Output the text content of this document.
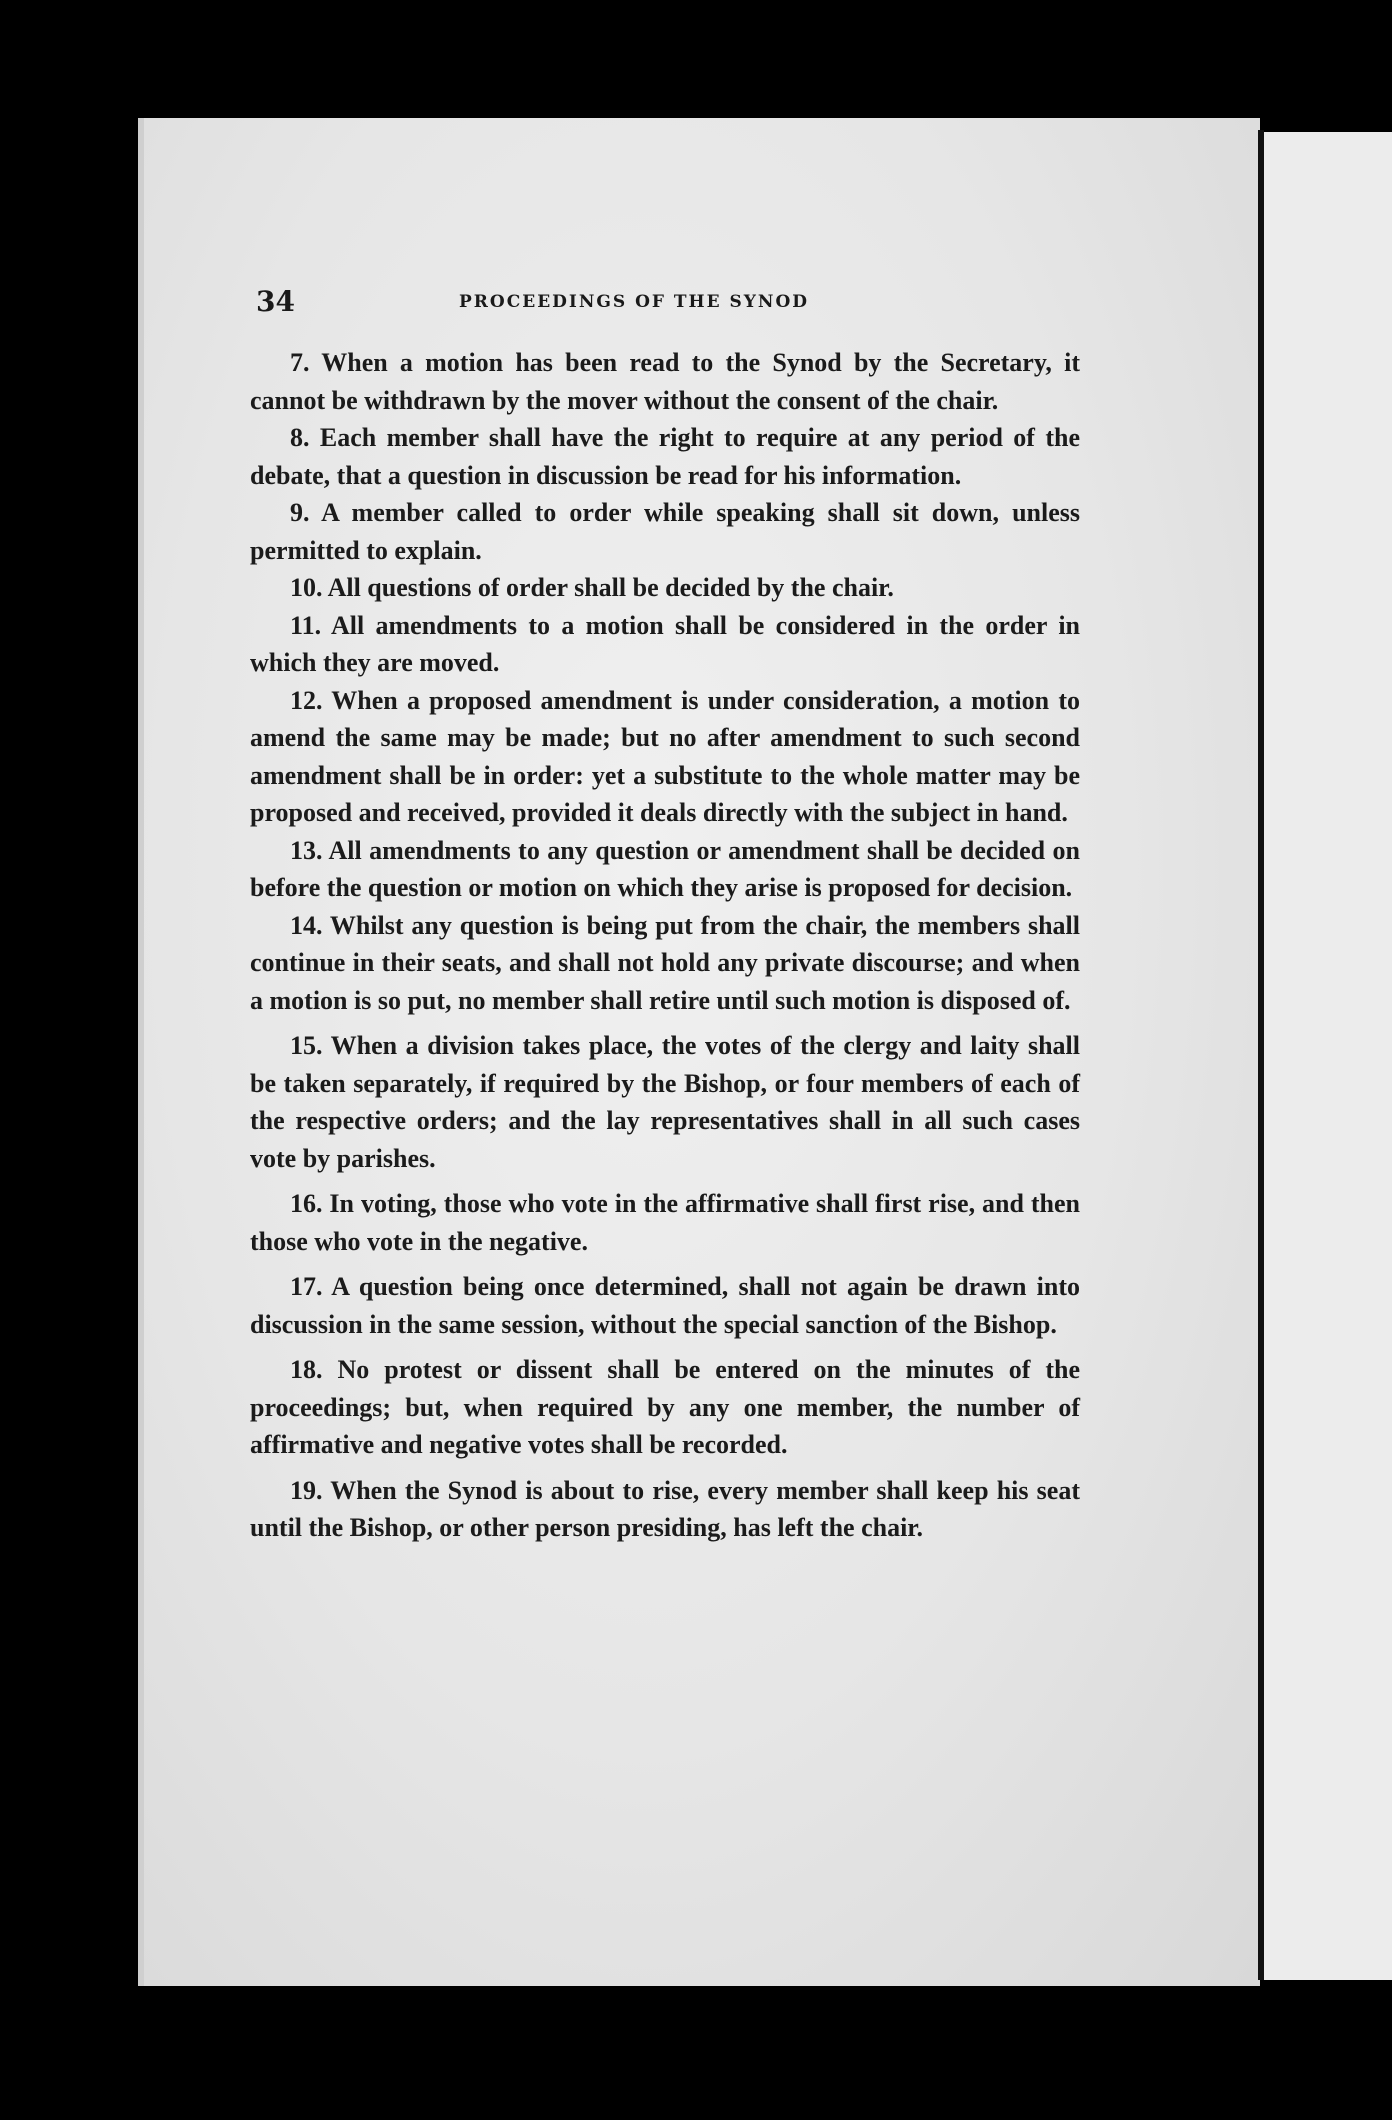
34	PROCEEDINGS OF THE SYNOD

7. When a motion has been read to the Synod by the Secretary, it cannot be withdrawn by the mover without the consent of the chair.

8. Each member shall have the right to require at any period of the debate, that a question in discussion be read for his information.

9. A member called to order while speaking shall sit down, unless permitted to explain.

10. All questions of order shall be decided by the chair.

11. All amendments to a motion shall be considered in the order in which they are moved.

12. When a proposed amendment is under consideration, a motion to amend the same may be made; but no after amendment to such second amendment shall be in order: yet a substitute to the whole matter may be proposed and received, provided it deals directly with the subject in hand.

13. All amendments to any question or amendment shall be decided on before the question or motion on which they arise is proposed for decision.

14. Whilst any question is being put from the chair, the members shall continue in their seats, and shall not hold any private discourse; and when a motion is so put, no member shall retire until such motion is disposed of.

15. When a division takes place, the votes of the clergy and laity shall be taken separately, if required by the Bishop, or four members of each of the respective orders; and the lay representatives shall in all such cases vote by parishes.

16. In voting, those who vote in the affirmative shall first rise, and then those who vote in the negative.

17. A question being once determined, shall not again be drawn into discussion in the same session, without the special sanction of the Bishop.

18. No protest or dissent shall be entered on the minutes of the proceedings; but, when required by any one member, the number of affirmative and negative votes shall be recorded.

19. When the Synod is about to rise, every member shall keep his seat until the Bishop, or other person presiding, has left the chair.
